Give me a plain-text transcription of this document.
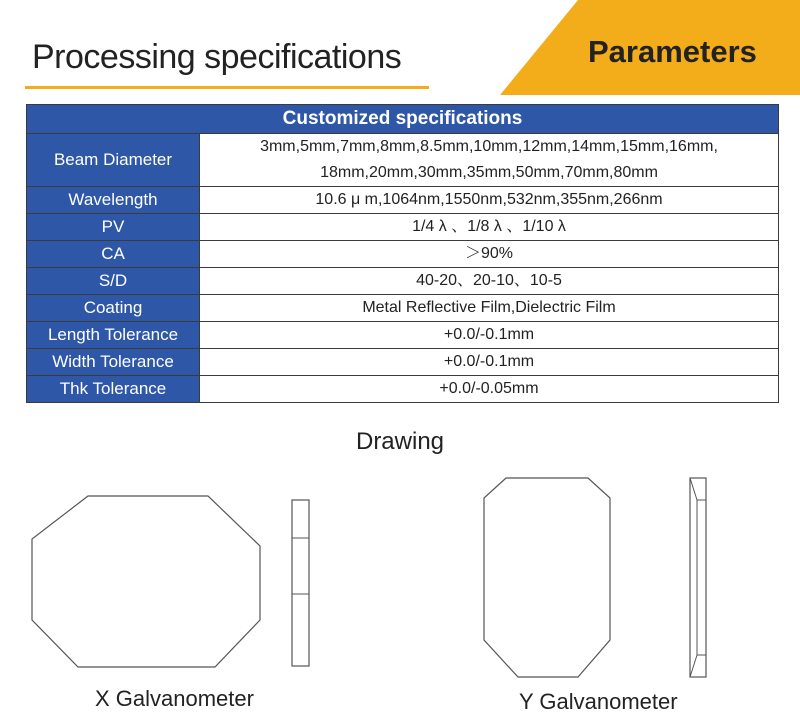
Processing specifications	Parameters
Customized specifications	
Beam Diameter	3mm,5mm,7mm,8mm,8.5mm,10mm,12mm,14mm,15mm,16mm,
18mm,20mm,30mm,35mm,50mm,70mm,80mm

Wavelength	10.6 μ m,1064nm,1550nm,532nm,355nm,266nm

PV	1/4 λ 、1/8 λ 、1/10 λ

CA	＞90%

S/D	40-20、20-10、10-5

Coating	Metal Reflective Film,Dielectric Film

Length Tolerance	+0.0/-0.1mm

Width Tolerance	+0.0/-0.1mm

Thk Tolerance	+0.0/-0.05mm
Drawing
X Galvanometer	Y Galvanometer
